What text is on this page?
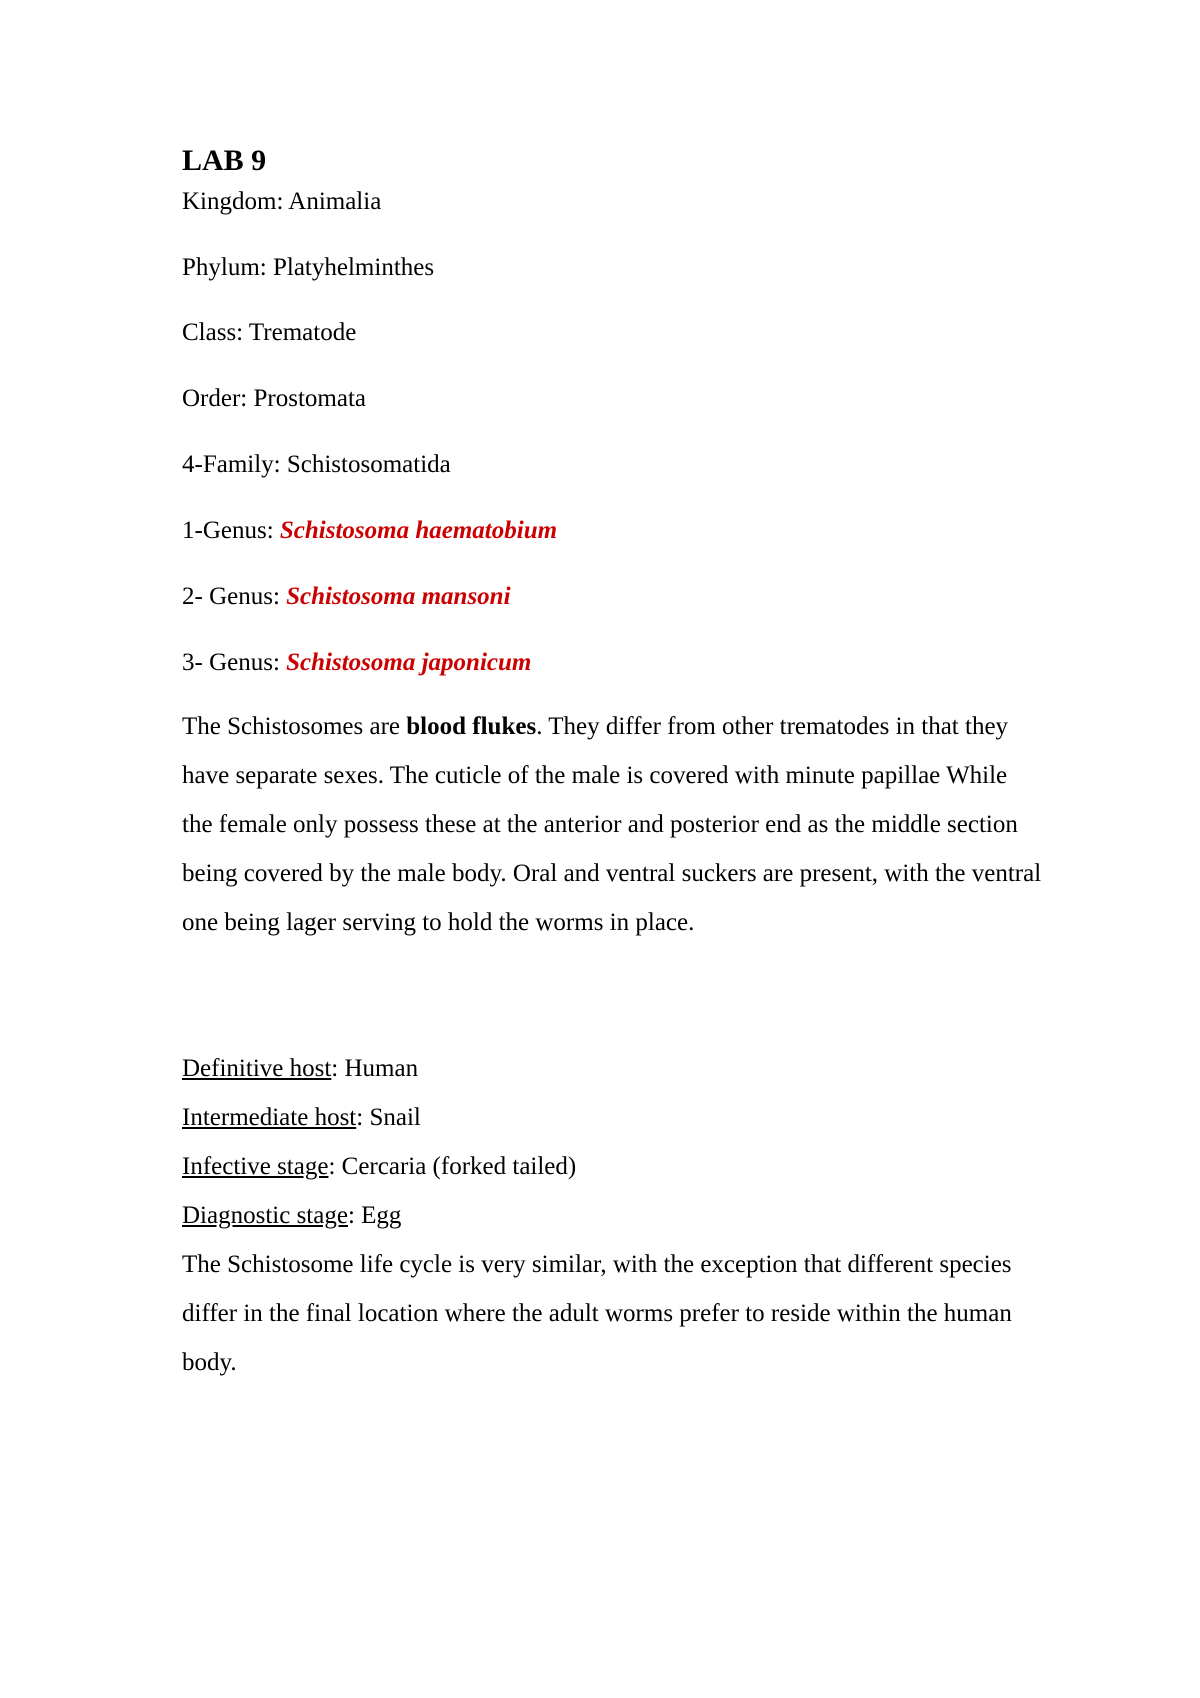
LAB 9
Kingdom: Animalia
Phylum: Platyhelminthes
Class: Trematode
Order: Prostomata
4-Family: Schistosomatida
1-Genus: Schistosoma haematobium
2- Genus: Schistosoma mansoni
3- Genus: Schistosoma japonicum
The Schistosomes are blood flukes. They differ from other trematodes in that they have separate sexes. The cuticle of the male is covered with minute papillae While the female only possess these at the anterior and posterior end as the middle section being covered by the male body. Oral and ventral suckers are present, with the ventral one being lager serving to hold the worms in place.
Definitive host: Human
Intermediate host: Snail
Infective stage: Cercaria (forked tailed)
Diagnostic stage: Egg
The Schistosome life cycle is very similar, with the exception that different species differ in the final location where the adult worms prefer to reside within the human body.
